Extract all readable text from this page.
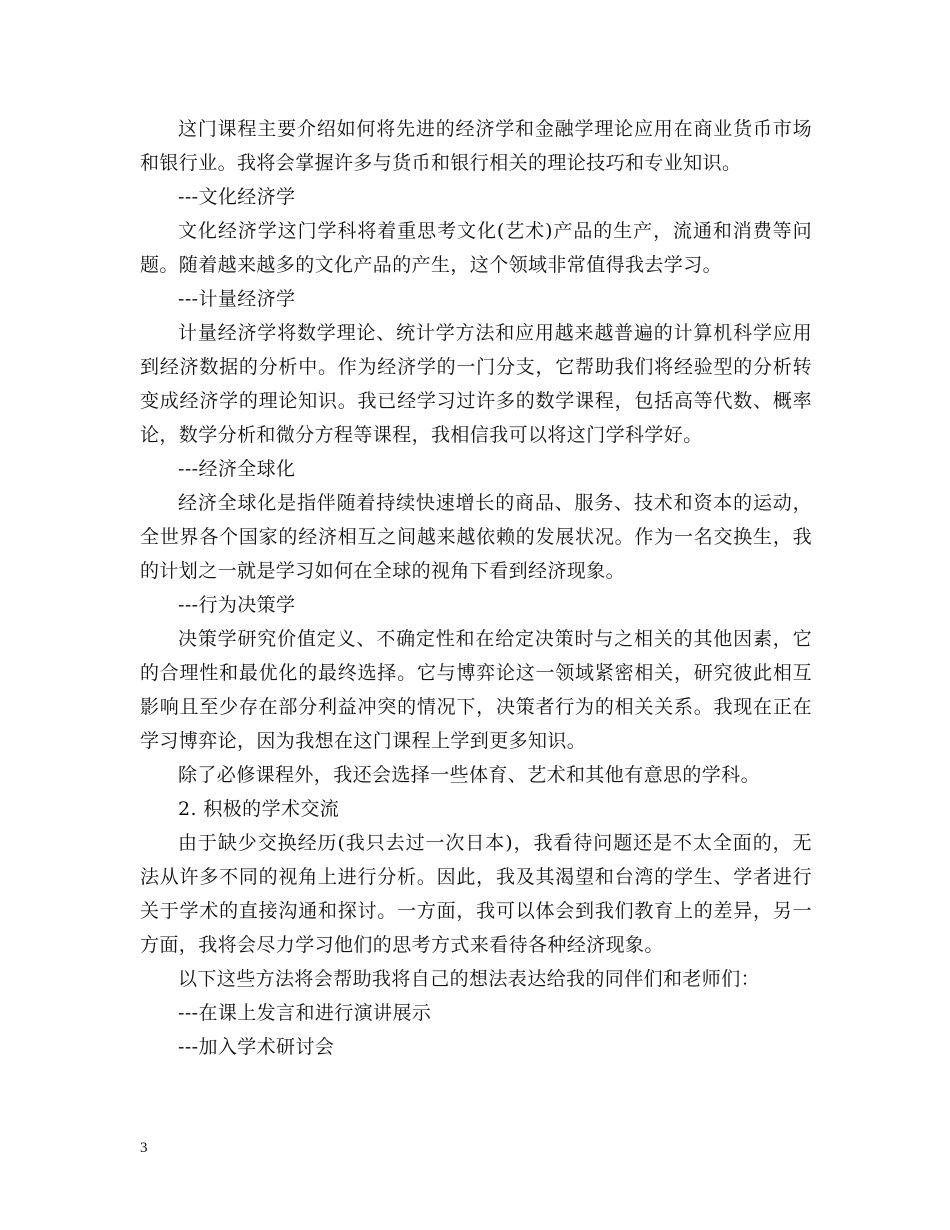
这门课程主要介绍如何将先进的经济学和金融学理论应用在商业货币市场和银行业。我将会掌握许多与货币和银行相关的理论技巧和专业知识。

---文化经济学

文化经济学这门学科将着重思考文化(艺术)产品的生产，流通和消费等问题。随着越来越多的文化产品的产生，这个领域非常值得我去学习。

---计量经济学

计量经济学将数学理论、统计学方法和应用越来越普遍的计算机科学应用到经济数据的分析中。作为经济学的一门分支，它帮助我们将经验型的分析转变成经济学的理论知识。我已经学习过许多的数学课程，包括高等代数、概率论，数学分析和微分方程等课程，我相信我可以将这门学科学好。

---经济全球化

经济全球化是指伴随着持续快速增长的商品、服务、技术和资本的运动，全世界各个国家的经济相互之间越来越依赖的发展状况。作为一名交换生，我的计划之一就是学习如何在全球的视角下看到经济现象。

---行为决策学

决策学研究价值定义、不确定性和在给定决策时与之相关的其他因素，它的合理性和最优化的最终选择。它与博弈论这一领域紧密相关，研究彼此相互影响且至少存在部分利益冲突的情况下，决策者行为的相关关系。我现在正在学习博弈论，因为我想在这门课程上学到更多知识。

除了必修课程外，我还会选择一些体育、艺术和其他有意思的学科。

2. 积极的学术交流

由于缺少交换经历(我只去过一次日本)，我看待问题还是不太全面的，无法从许多不同的视角上进行分析。因此，我及其渴望和台湾的学生、学者进行关于学术的直接沟通和探讨。一方面，我可以体会到我们教育上的差异，另一方面，我将会尽力学习他们的思考方式来看待各种经济现象。

以下这些方法将会帮助我将自己的想法表达给我的同伴们和老师们：

---在课上发言和进行演讲展示

---加入学术研讨会

3
